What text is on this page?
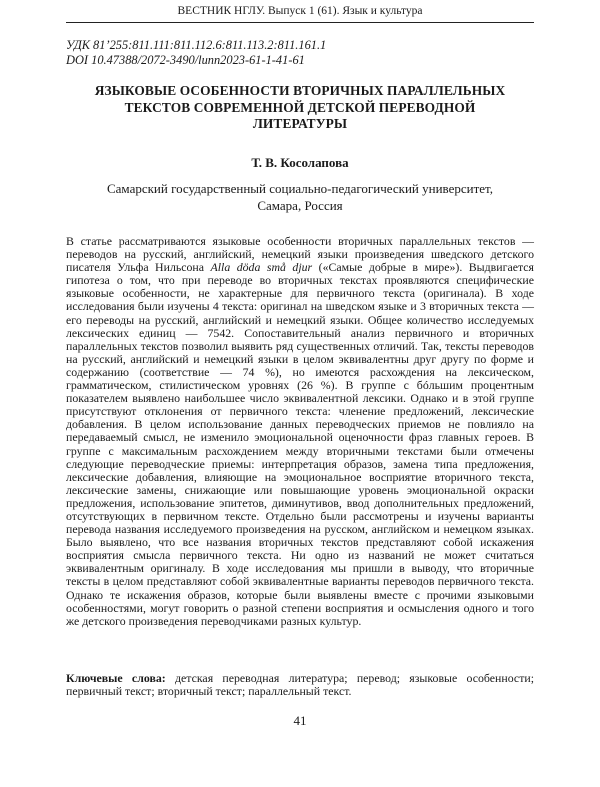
ВЕСТНИК НГЛУ. Выпуск 1 (61). Язык и культура
УДК 81’255:811.111:811.112.6:811.113.2:811.161.1
DOI 10.47388/2072-3490/lunn2023-61-1-41-61
ЯЗЫКОВЫЕ ОСОБЕННОСТИ ВТОРИЧНЫХ ПАРАЛЛЕЛЬНЫХ
ТЕКСТОВ СОВРЕМЕННОЙ ДЕТСКОЙ ПЕРЕВОДНОЙ
ЛИТЕРАТУРЫ
Т. В. Косолапова
Самарский государственный социально-педагогический университет,
Самара, Россия

В статье рассматриваются языковые особенности вторичных параллельных текстов — переводов на русский, английский, немецкий языки произведения шведского детского писателя Ульфа Нильсона Alla döda små djur («Самые добрые в мире»). Выдвигается гипотеза о том, что при переводе во вторичных текстах проявляются специфические языковые особенности, не характерные для первичного текста (оригинала). В ходе исследования были изучены 4 текста: оригинал на шведском языке и 3 вторичных текста — его переводы на русский, английский и немецкий языки. Общее количество исследуемых лексических единиц — 7542. Сопоставительный анализ первичного и вторичных параллельных текстов позволил выявить ряд существенных отличий. Так, тексты переводов на русский, английский и немецкий языки в целом эквивалентны друг другу по форме и содержанию (соответствие — 74 %), но имеются расхождения на лексическом, грамматическом, стилистическом уровнях (26 %). В группе с бóльшим процентным показателем выявлено наибольшее число эквивалентной лексики. Однако и в этой группе присутствуют отклонения от первичного текста: членение предложений, лексические добавления. В целом использование данных переводческих приемов не повлияло на передаваемый смысл, не изменило эмоциональной оценочности фраз главных героев. В группе с максимальным расхождением между вторичными текстами были отмечены следующие переводческие приемы: интерпретация образов, замена типа предложения, лексические добавления, влияющие на эмоциональное восприятие вторичного текста, лексические замены, снижающие или повышающие уровень эмоциональной окраски предложения, использование эпитетов, диминутивов, ввод дополнительных предложений, отсутствующих в первичном тексте. Отдельно были рассмотрены и изучены варианты перевода названия исследуемого произведения на русском, английском и немецком языках. Было выявлено, что все названия вторичных текстов представляют собой искажения восприятия смысла первичного текста. Ни одно из названий не может считаться эквивалентным оригиналу. В ходе исследования мы пришли в выводу, что вторичные тексты в целом представляют собой эквивалентные варианты переводов первичного текста. Однако те искажения образов, которые были выявлены вместе с прочими языковыми особенностями, могут говорить о разной степени восприятия и осмысления одного и того же детского произведения переводчиками разных культур.

Ключевые слова: детская переводная литература; перевод; языковые особенности; первичный текст; вторичный текст; параллельный текст.
41
